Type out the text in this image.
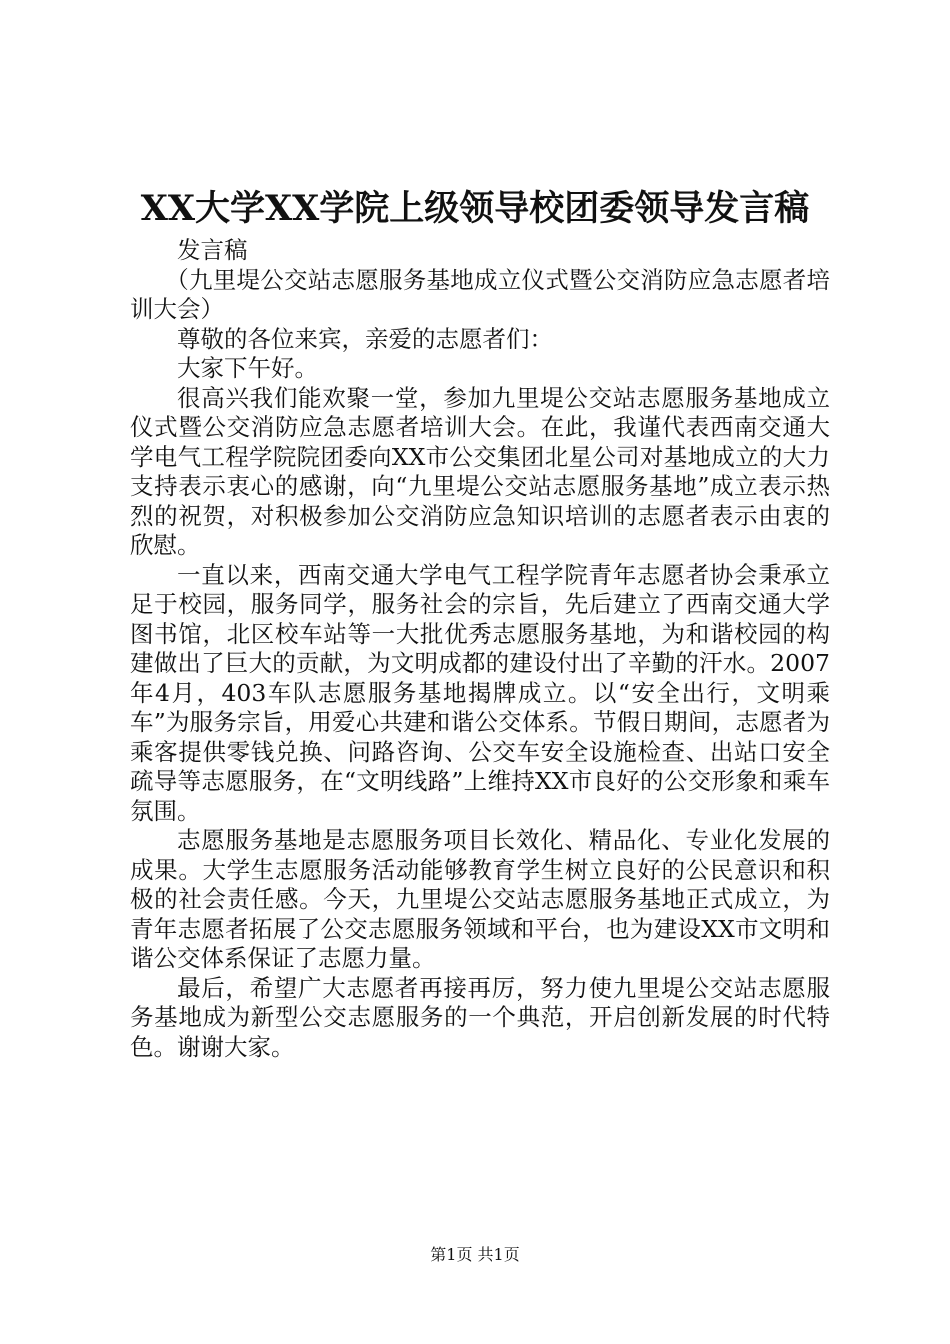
XX大学XX学院上级领导校团委领导发言稿

发言稿

（九里堤公交站志愿服务基地成立仪式暨公交消防应急志愿者培训大会）

尊敬的各位来宾，亲爱的志愿者们：

大家下午好。

很高兴我们能欢聚一堂，参加九里堤公交站志愿服务基地成立仪式暨公交消防应急志愿者培训大会。在此，我谨代表西南交通大学电气工程学院院团委向XX市公交集团北星公司对基地成立的大力支持表示衷心的感谢，向“九里堤公交站志愿服务基地”成立表示热烈的祝贺，对积极参加公交消防应急知识培训的志愿者表示由衷的欣慰。

一直以来，西南交通大学电气工程学院青年志愿者协会秉承立足于校园，服务同学，服务社会的宗旨，先后建立了西南交通大学图书馆，北区校车站等一大批优秀志愿服务基地，为和谐校园的构建做出了巨大的贡献，为文明成都的建设付出了辛勤的汗水。2007年4月，403车队志愿服务基地揭牌成立。以“安全出行，文明乘车”为服务宗旨，用爱心共建和谐公交体系。节假日期间，志愿者为乘客提供零钱兑换、问路咨询、公交车安全设施检查、出站口安全疏导等志愿服务，在“文明线路”上维持XX市良好的公交形象和乘车氛围。

志愿服务基地是志愿服务项目长效化、精品化、专业化发展的成果。大学生志愿服务活动能够教育学生树立良好的公民意识和积极的社会责任感。今天，九里堤公交站志愿服务基地正式成立，为青年志愿者拓展了公交志愿服务领域和平台，也为建设XX市文明和谐公交体系保证了志愿力量。

最后，希望广大志愿者再接再厉，努力使九里堤公交站志愿服务基地成为新型公交志愿服务的一个典范，开启创新发展的时代特色。谢谢大家。

第1页 共1页
